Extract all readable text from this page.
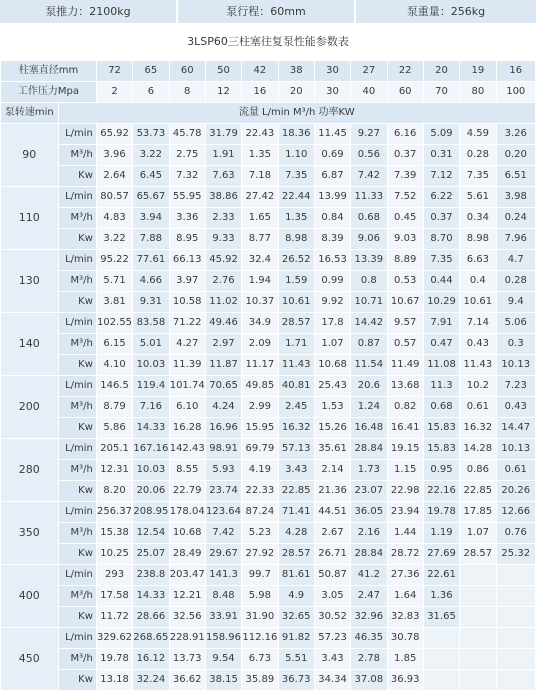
泵推力：2100kg	泵行程：60mm	泵重量：256kg
3LSP60三柱塞往复泵性能参数表
柱塞直径mm		72	65	60	50	42	38	30	27	22	20	19	16
工作压力Mpa		2	6	8	12	16	20	30	40	60	70	80	100
泵转速min	流量 L/min M³/h 功率KW												
90	L/min	65.92	53.73	45.78	31.79	22.43	18.36	11.45	9.27	6.16	5.09	4.59	3.26
	M³/h	3.96	3.22	2.75	1.91	1.35	1.10	0.69	0.56	0.37	0.31	0.28	0.20
	Kw	2.64	6.45	7.32	7.63	7.18	7.35	6.87	7.42	7.39	7.12	7.35	6.51
110	L/min	80.57	65.67	55.95	38.86	27.42	22.44	13.99	11.33	7.52	6.22	5.61	3.98
	M³/h	4.83	3.94	3.36	2.33	1.65	1.35	0.84	0.68	0.45	0.37	0.34	0.24
	Kw	3.22	7.88	8.95	9.33	8.77	8.98	8.39	9.06	9.03	8.70	8.98	7.96
130	L/min	95.22	77.61	66.13	45.92	32.4	26.52	16.53	13.39	8.89	7.35	6.63	4.7
	M³/h	5.71	4.66	3.97	2.76	1.94	1.59	0.99	0.8	0.53	0.44	0.4	0.28
	Kw	3.81	9.31	10.58	11.02	10.37	10.61	9.92	10.71	10.67	10.29	10.61	9.4
140	L/min	102.55	83.58	71.22	49.46	34.9	28.57	17.8	14.42	9.57	7.91	7.14	5.06
	M³/h	6.15	5.01	4.27	2.97	2.09	1.71	1.07	0.87	0.57	0.47	0.43	0.3
	Kw	4.10	10.03	11.39	11.87	11.17	11.43	10.68	11.54	11.49	11.08	11.43	10.13
200	L/min	146.5	119.4	101.74	70.65	49.85	40.81	25.43	20.6	13.68	11.3	10.2	7.23
	M³/h	8.79	7.16	6.10	4.24	2.99	2.45	1.53	1.24	0.82	0.68	0.61	0.43
	Kw	5.86	14.33	16.28	16.96	15.95	16.32	15.26	16.48	16.41	15.83	16.32	14.47
280	L/min	205.1	167.16	142.43	98.91	69.79	57.13	35.61	28.84	19.15	15.83	14.28	10.13
	M³/h	12.31	10.03	8.55	5.93	4.19	3.43	2.14	1.73	1.15	0.95	0.86	0.61
	Kw	8.20	20.06	22.79	23.74	22.33	22.85	21.36	23.07	22.98	22.16	22.85	20.26
350	L/min	256.37	208.95	178.04	123.64	87.24	71.41	44.51	36.05	23.94	19.78	17.85	12.66
	M³/h	15.38	12.54	10.68	7.42	5.23	4.28	2.67	2.16	1.44	1.19	1.07	0.76
	Kw	10.25	25.07	28.49	29.67	27.92	28.57	26.71	28.84	28.72	27.69	28.57	25.32
400	L/min	293	238.8	203.47	141.3	99.7	81.61	50.87	41.2	27.36	22.61		
	M³/h	17.58	14.33	12.21	8.48	5.98	4.9	3.05	2.47	1.64	1.36		
	Kw	11.72	28.66	32.56	33.91	31.90	32.65	30.52	32.96	32.83	31.65		
450	L/min	329.62	268.65	228.91	158.96	112.16	91.82	57.23	46.35	30.78			
	M³/h	19.78	16.12	13.73	9.54	6.73	5.51	3.43	2.78	1.85			
	Kw	13.18	32.24	36.62	38.15	35.89	36.73	34.34	37.08	36.93			
